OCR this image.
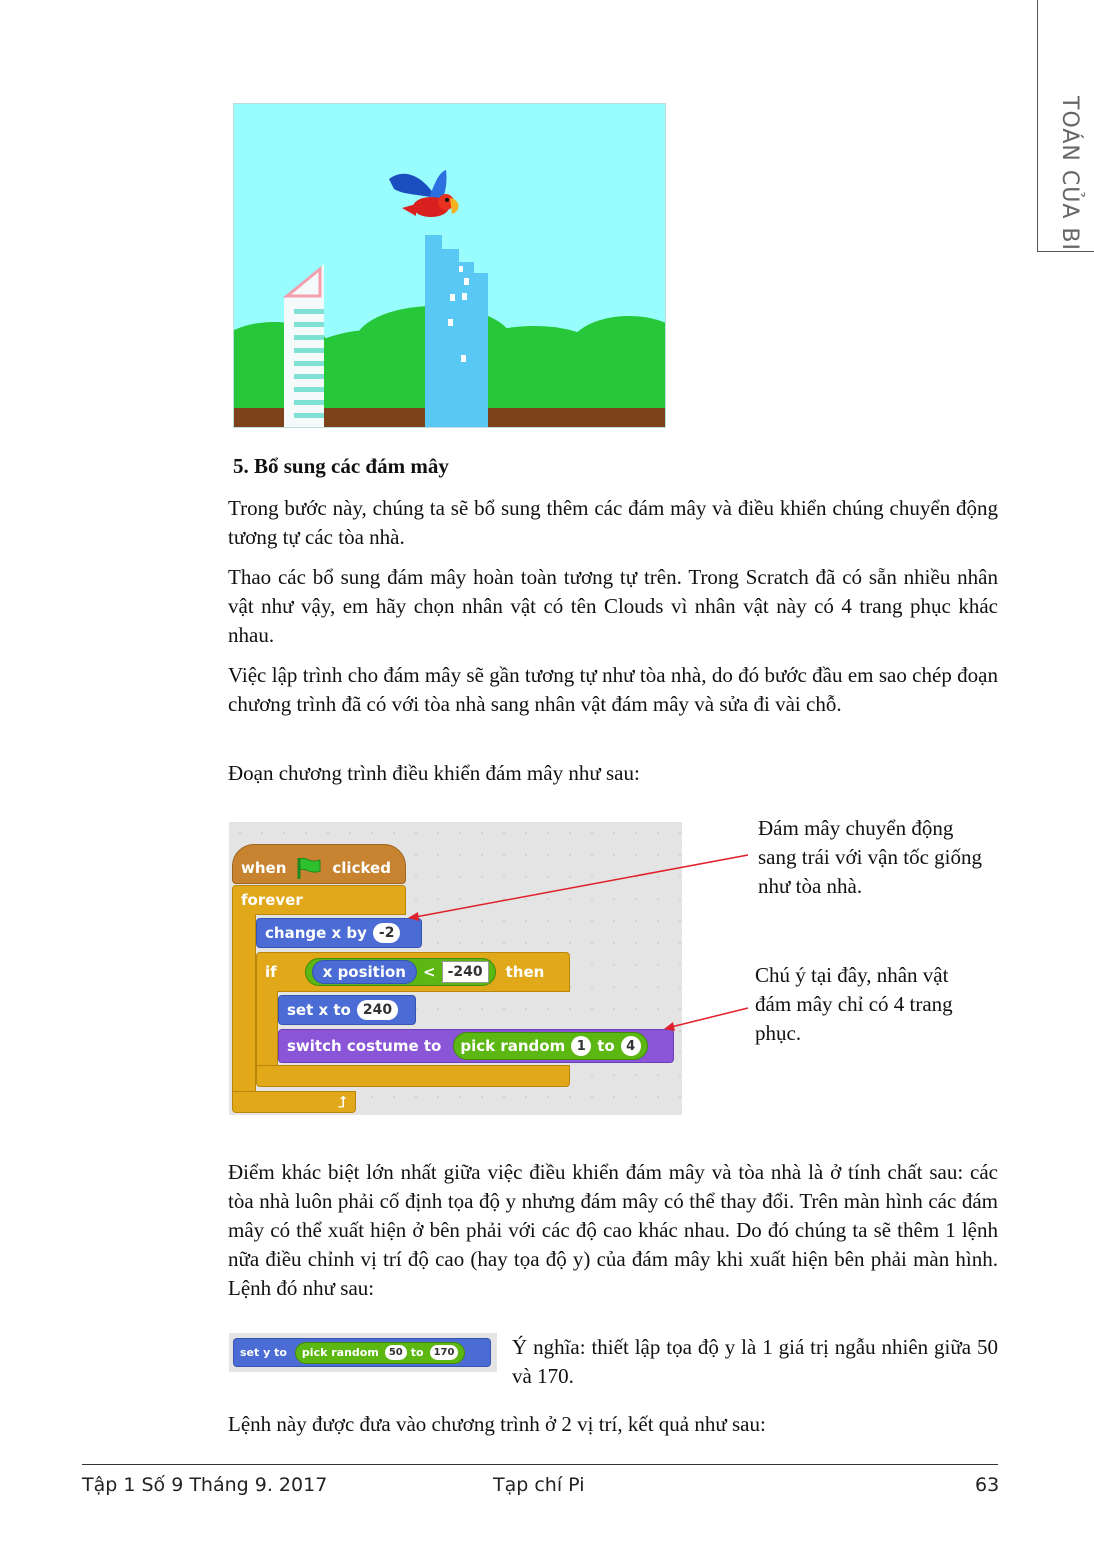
TOÁN CỦA BI
5. Bổ sung các đám mây

Trong bước này, chúng ta sẽ bổ sung thêm các đám mây và điều khiển chúng chuyển động tương tự các tòa nhà.

Thao các bổ sung đám mây hoàn toàn tương tự trên. Trong Scratch đã có sẵn nhiều nhân vật như vậy, em hãy chọn nhân vật có tên Clouds vì nhân vật này có 4 trang phục khác nhau.

Việc lập trình cho đám mây sẽ gần tương tự như tòa nhà, do đó bước đầu em sao chép đoạn chương trình đã có với tòa nhà sang nhân vật đám mây và sửa đi vài chỗ.

Đoạn chương trình điều khiển đám mây như sau:

when	clicked
forever
⮥
change x by -2
if	x position	< -240	then
set x to 240
switch costume to pick random 1 to 4
Đám mây chuyển động sang trái với vận tốc giống như tòa nhà.
Chú ý tại đây, nhân vật đám mây chỉ có 4 trang phục.

Điểm khác biệt lớn nhất giữa việc điều khiển đám mây và tòa nhà là ở tính chất sau: các tòa nhà luôn phải cố định tọa độ y nhưng đám mây có thể thay đổi. Trên màn hình các đám mây có thể xuất hiện ở bên phải với các độ cao khác nhau. Do đó chúng ta sẽ thêm 1 lệnh nữa điều chỉnh vị trí độ cao (hay tọa độ y) của đám mây khi xuất hiện bên phải màn hình. Lệnh đó như sau:

set y to pick random	50 to	170	Ý nghĩa: thiết lập tọa độ y là 1 giá trị ngẫu nhiên giữa 50 và 170.

Lệnh này được đưa vào chương trình ở 2 vị trí, kết quả như sau:

Tập 1 Số 9 Tháng 9. 2017	Tạp chí Pi	63
